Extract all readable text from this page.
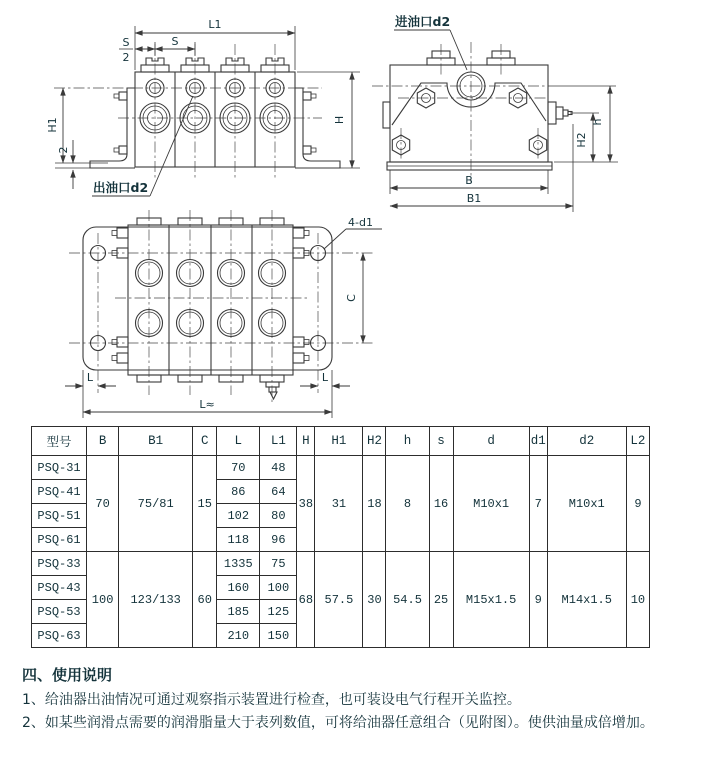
L1
S
S
2
H
H1
2
出油口d2	B
B1
H2
h
进油口d2
C
4-d1
L	L
L≈
型号	B	B1	C	L	L1	H	H1	H2	h	s	d	d1	d2	L2
PSQ-31	70	75/81	15	70	48	38	31	18	8	16	M10x1	7	M10x1	9
PSQ-41				86	64									
PSQ-51				102	80									
PSQ-61				118	96									
PSQ-33	100	123/133	60	1335	75	68	57.5	30	54.5	25	M15x1.5	9	M14x1.5	10
PSQ-43				160	100									
PSQ-53				185	125									
PSQ-63				210	150									
四、使用说明
1、给油器出油情况可通过观察指示装置进行检查，也可装设电气行程开关监控。
2、如某些润滑点需要的润滑脂量大于表列数值，可将给油器任意组合（见附图）。使供油量成倍增加。
